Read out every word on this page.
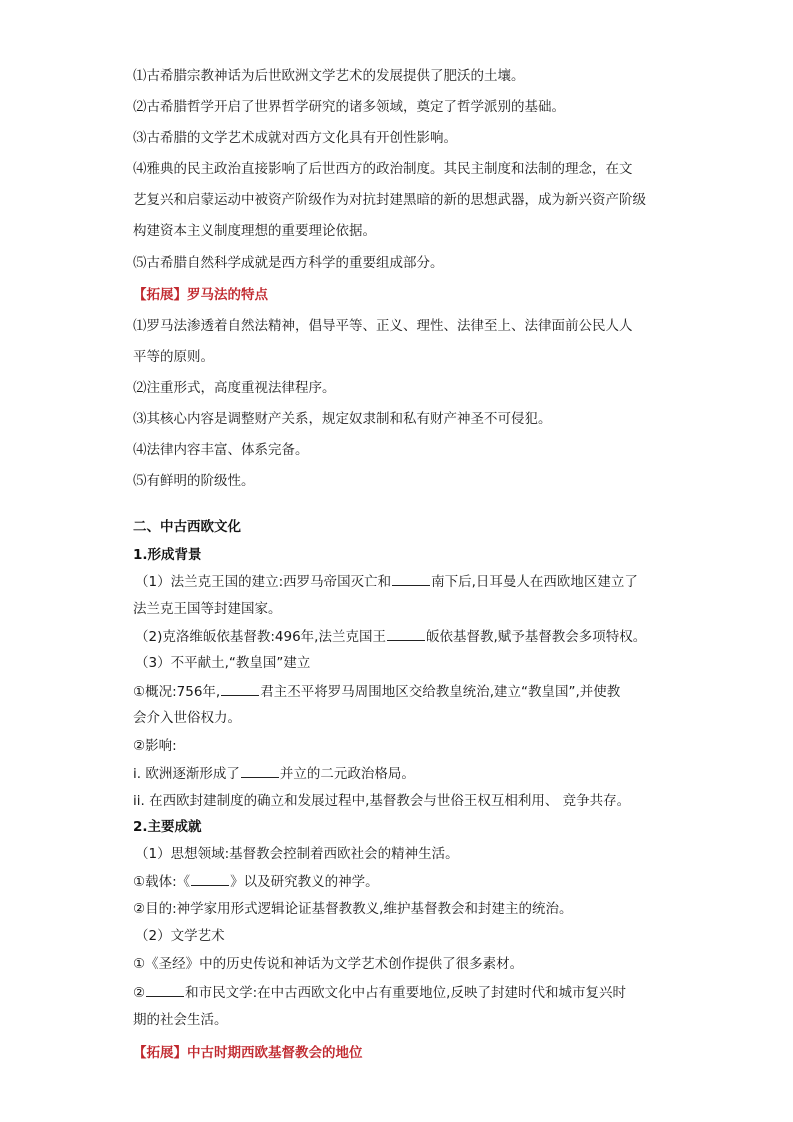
⑴古希腊宗教神话为后世欧洲文学艺术的发展提供了肥沃的土壤。
⑵古希腊哲学开启了世界哲学研究的诸多领域，奠定了哲学派别的基础。
⑶古希腊的文学艺术成就对西方文化具有开创性影响。
⑷雅典的民主政治直接影响了后世西方的政治制度。其民主制度和法制的理念，在文
艺复兴和启蒙运动中被资产阶级作为对抗封建黑暗的新的思想武器，成为新兴资产阶级
构建资本主义制度理想的重要理论依据。
⑸古希腊自然科学成就是西方科学的重要组成部分。
【拓展】罗马法的特点
⑴罗马法渗透着自然法精神，倡导平等、正义、理性、法律至上、法律面前公民人人
平等的原则。
⑵注重形式，高度重视法律程序。
⑶其核心内容是调整财产关系，规定奴隶制和私有财产神圣不可侵犯。
⑷法律内容丰富、体系完备。
⑸有鲜明的阶级性。
二、中古西欧文化
1.形成背景
（1）法兰克王国的建立:西罗马帝国灭亡和	南下后,日耳曼人在西欧地区建立了
法兰克王国等封建国家。
（2)克洛维皈依基督教:496年,法兰克国王	皈依基督教,赋予基督教会多项特权。
（3）不平献土,“教皇国”建立
①概况:756年,	君主丕平将罗马周围地区交给教皇统治,建立“教皇国”,并使教
会介入世俗权力。
②影响:
i. 欧洲逐渐形成了	并立的二元政治格局。
ii. 在西欧封建制度的确立和发展过程中,基督教会与世俗王权互相利用、 竞争共存。
2.主要成就
（1）思想领域:基督教会控制着西欧社会的精神生活。
①载体:《	》以及研究教义的神学。
②目的:神学家用形式逻辑论证基督教教义,维护基督教会和封建主的统治。
（2）文学艺术
①《圣经》中的历史传说和神话为文学艺术创作提供了很多素材。
②	和市民文学:在中古西欧文化中占有重要地位,反映了封建时代和城市复兴时
期的社会生活。
【拓展】中古时期西欧基督教会的地位
